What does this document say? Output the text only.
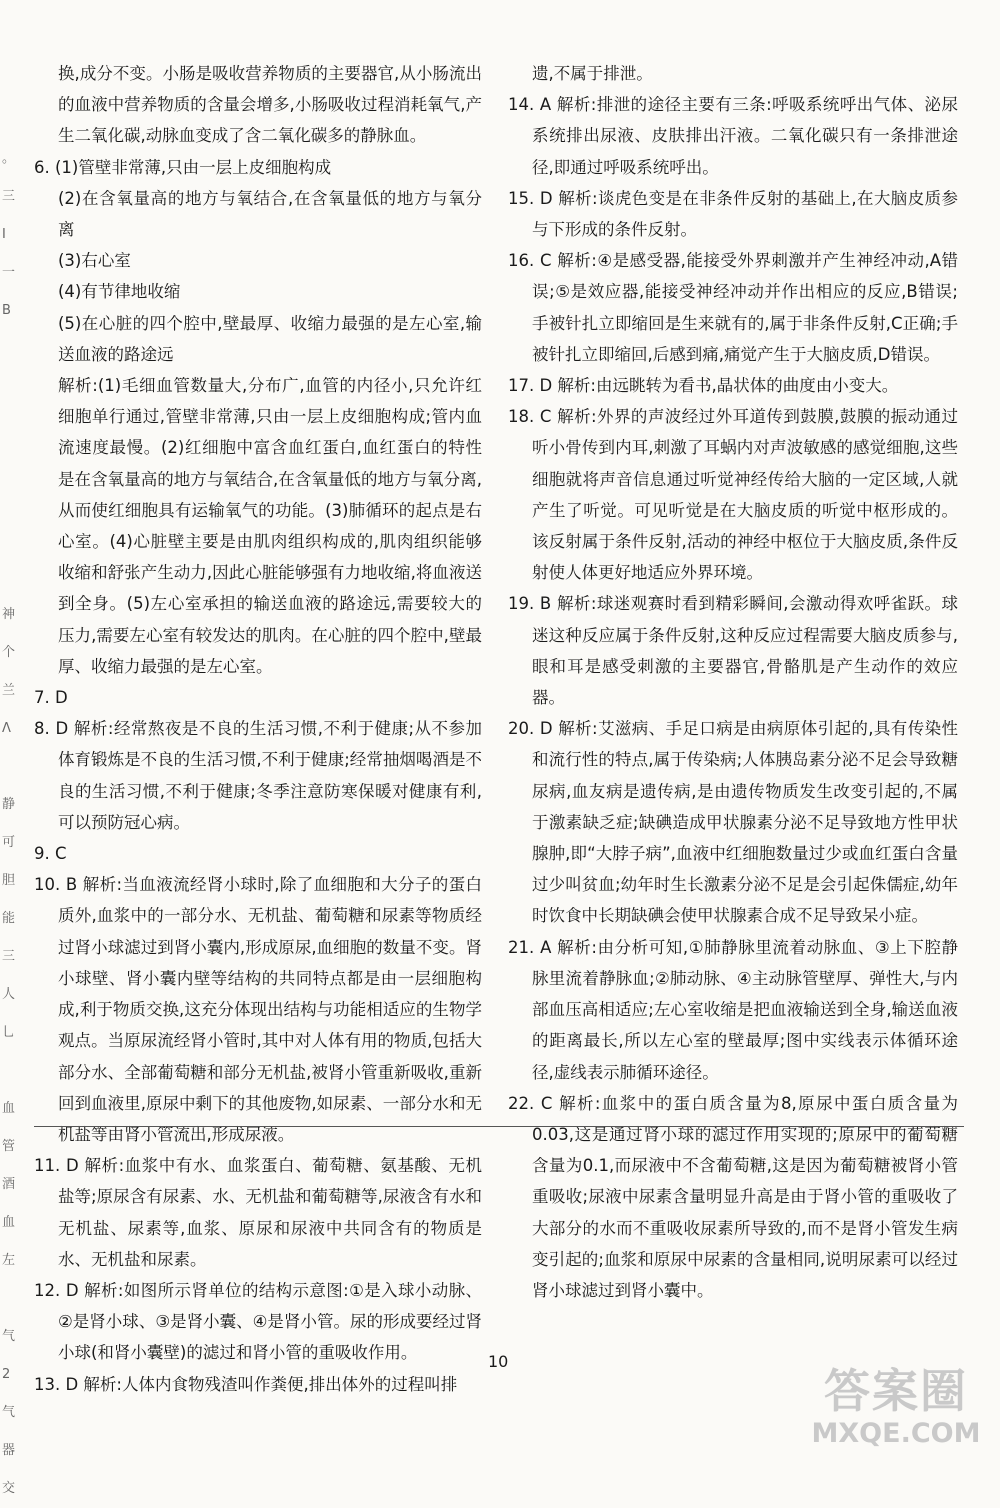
。
三
I
一
B

神
个
兰
Λ

静
可
胆
能
三
人
乚

血
管
酒
血
左

气
2
气
器
交

换,成分不变。小肠是吸收营养物质的主要器官,从小肠流出的血液中营养物质的含量会增多,小肠吸收过程消耗氧气,产生二氧化碳,动脉血变成了含二氧化碳多的静脉血。

6. (1)管壁非常薄,只由一层上皮细胞构成

(2)在含氧量高的地方与氧结合,在含氧量低的地方与氧分离

(3)右心室

(4)有节律地收缩

(5)在心脏的四个腔中,壁最厚、收缩力最强的是左心室,输送血液的路途远

解析:(1)毛细血管数量大,分布广,血管的内径小,只允许红细胞单行通过,管壁非常薄,只由一层上皮细胞构成;管内血流速度最慢。(2)红细胞中富含血红蛋白,血红蛋白的特性是在含氧量高的地方与氧结合,在含氧量低的地方与氧分离,从而使红细胞具有运输氧气的功能。(3)肺循环的起点是右心室。(4)心脏壁主要是由肌肉组织构成的,肌肉组织能够收缩和舒张产生动力,因此心脏能够强有力地收缩,将血液送到全身。(5)左心室承担的输送血液的路途远,需要较大的压力,需要左心室有较发达的肌肉。在心脏的四个腔中,壁最厚、收缩力最强的是左心室。

7. D

8. D 解析:经常熬夜是不良的生活习惯,不利于健康;从不参加体育锻炼是不良的生活习惯,不利于健康;经常抽烟喝酒是不良的生活习惯,不利于健康;冬季注意防寒保暖对健康有利,可以预防冠心病。

9. C

10. B 解析:当血液流经肾小球时,除了血细胞和大分子的蛋白质外,血浆中的一部分水、无机盐、葡萄糖和尿素等物质经过肾小球滤过到肾小囊内,形成原尿,血细胞的数量不变。肾小球壁、肾小囊内壁等结构的共同特点都是由一层细胞构成,利于物质交换,这充分体现出结构与功能相适应的生物学观点。当原尿流经肾小管时,其中对人体有用的物质,包括大部分水、全部葡萄糖和部分无机盐,被肾小管重新吸收,重新回到血液里,原尿中剩下的其他废物,如尿素、一部分水和无机盐等由肾小管流出,形成尿液。

11. D 解析:血浆中有水、血浆蛋白、葡萄糖、氨基酸、无机盐等;原尿含有尿素、水、无机盐和葡萄糖等,尿液含有水和无机盐、尿素等,血浆、原尿和尿液中共同含有的物质是水、无机盐和尿素。

12. D 解析:如图所示肾单位的结构示意图:①是入球小动脉、②是肾小球、③是肾小囊、④是肾小管。尿的形成要经过肾小球(和肾小囊壁)的滤过和肾小管的重吸收作用。

13. D 解析:人体内食物残渣叫作粪便,排出体外的过程叫排

遗,不属于排泄。

14. A 解析:排泄的途径主要有三条:呼吸系统呼出气体、泌尿系统排出尿液、皮肤排出汗液。二氧化碳只有一条排泄途径,即通过呼吸系统呼出。

15. D 解析:谈虎色变是在非条件反射的基础上,在大脑皮质参与下形成的条件反射。

16. C 解析:④是感受器,能接受外界刺激并产生神经冲动,A错误;⑤是效应器,能接受神经冲动并作出相应的反应,B错误;手被针扎立即缩回是生来就有的,属于非条件反射,C正确;手被针扎立即缩回,后感到痛,痛觉产生于大脑皮质,D错误。

17. D 解析:由远眺转为看书,晶状体的曲度由小变大。

18. C 解析:外界的声波经过外耳道传到鼓膜,鼓膜的振动通过听小骨传到内耳,刺激了耳蜗内对声波敏感的感觉细胞,这些细胞就将声音信息通过听觉神经传给大脑的一定区域,人就产生了听觉。可见听觉是在大脑皮质的听觉中枢形成的。该反射属于条件反射,活动的神经中枢位于大脑皮质,条件反射使人体更好地适应外界环境。

19. B 解析:球迷观赛时看到精彩瞬间,会激动得欢呼雀跃。球迷这种反应属于条件反射,这种反应过程需要大脑皮质参与,眼和耳是感受刺激的主要器官,骨骼肌是产生动作的效应器。

20. D 解析:艾滋病、手足口病是由病原体引起的,具有传染性和流行性的特点,属于传染病;人体胰岛素分泌不足会导致糖尿病,血友病是遗传病,是由遗传物质发生改变引起的,不属于激素缺乏症;缺碘造成甲状腺素分泌不足导致地方性甲状腺肿,即“大脖子病”,血液中红细胞数量过少或血红蛋白含量过少叫贫血;幼年时生长激素分泌不足是会引起侏儒症,幼年时饮食中长期缺碘会使甲状腺素合成不足导致呆小症。

21. A 解析:由分析可知,①肺静脉里流着动脉血、③上下腔静脉里流着静脉血;②肺动脉、④主动脉管壁厚、弹性大,与内部血压高相适应;左心室收缩是把血液输送到全身,输送血液的距离最长,所以左心室的壁最厚;图中实线表示体循环途径,虚线表示肺循环途径。

22. C 解析:血浆中的蛋白质含量为8,原尿中蛋白质含量为0.03,这是通过肾小球的滤过作用实现的;原尿中的葡萄糖含量为0.1,而尿液中不含葡萄糖,这是因为葡萄糖被肾小管重吸收;尿液中尿素含量明显升高是由于肾小管的重吸收了大部分的水而不重吸收尿素所导致的,而不是肾小管发生病变引起的;血浆和原尿中尿素的含量相同,说明尿素可以经过肾小球滤过到肾小囊中。

10
答案圈
MXQE.COM
